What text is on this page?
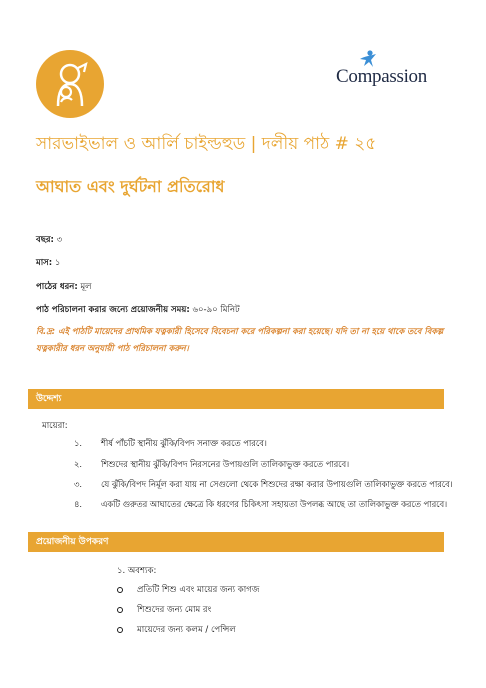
Compassion
সারভাইভাল ও আর্লি চাইল্ডহুড | দলীয় পাঠ # ২৫
আঘাত এবং দুর্ঘটনা প্রতিরোধ
বছর: ৩
মাস: ১
পাঠের ধরন: মূল
পাঠ পরিচালনা করার জন্যে প্রয়োজনীয় সময়: ৬০-৯০ মিনিট
বি.দ্র: এই পাঠটি মায়েদের প্রাথমিক যত্নকারী হিসেবে বিবেচনা করে পরিকল্পনা করা হয়েছে। যদি তা না হয়ে থাকে তবে বিকল্প যত্নকারীর ধরন অনুযায়ী পাঠ পরিচালনা করুন।
উদ্দেশ্য
মায়েরা:
১. শীর্ষ পাঁচটি স্থানীয় ঝুঁকি/বিপদ সনাক্ত করতে পারবে।
২. শিশুদের স্থানীয় ঝুঁকি/বিপদ নিরসনের উপায়গুলি তালিকাভুক্ত করতে পারবে।
৩. যে ঝুঁকি/বিপদ নির্মূল করা যায় না সেগুলো থেকে শিশুদের রক্ষা করার উপায়গুলি তালিকাভুক্ত করতে পারবে।
৪. একটি গুরুতর আঘাতের ক্ষেত্রে কি ধরণের চিকিৎসা সহায়তা উপলব্ধ আছে তা তালিকাভুক্ত করতে পারবে।
প্রয়োজনীয় উপকরণ
১. অবশ্যক:
প্রতিটি শিশু এবং মায়ের জন্য কাগজ
শিশুদের জন্য মোম রং
মায়েদের জন্য কলম / পেন্সিল
